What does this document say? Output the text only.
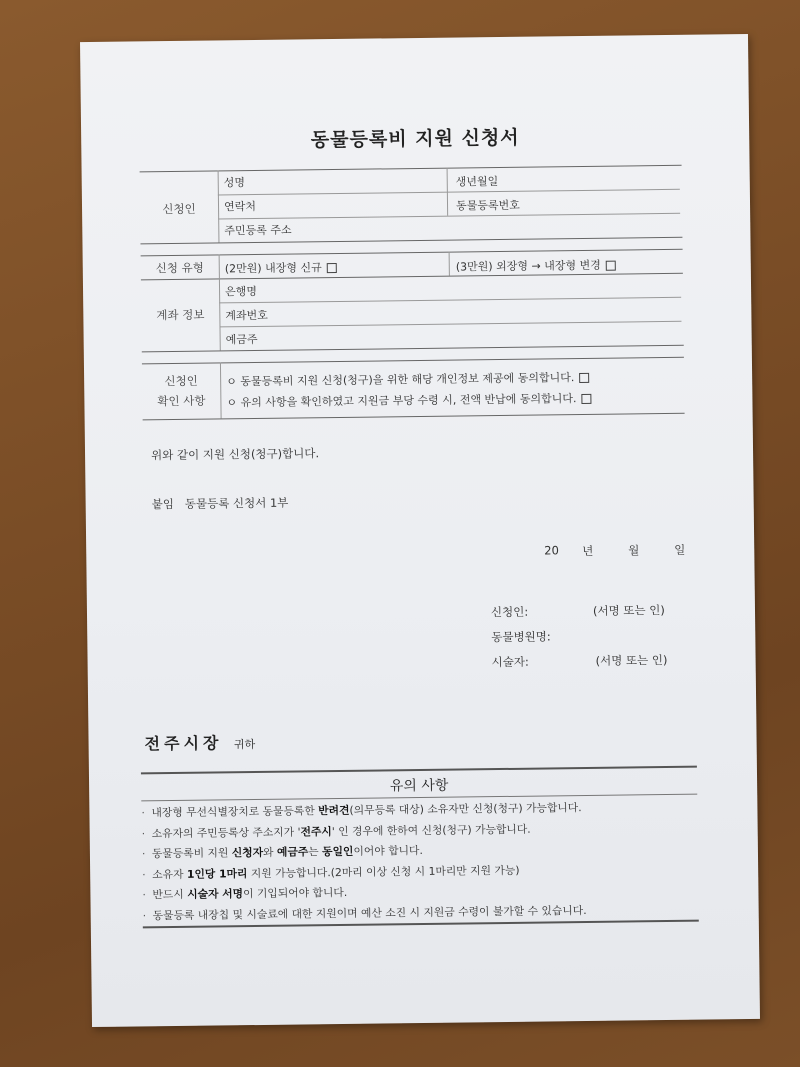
동물등록비 지원 신청서
신청인
성명	생년월일
연락처	동물등록번호
주민등록 주소
신청 유형	(2만원) 내장형 신규	(3만원) 외장형 → 내장형 변경
계좌 정보
은행명
계좌번호
예금주
신청인
확인 사항
ㅇ 동물등록비 지원 신청(청구)을 위한 해당 개인정보 제공에 동의합니다.
ㅇ 유의 사항을 확인하였고 지원금 부당 수령 시, 전액 반납에 동의합니다.
위와 같이 지원 신청(청구)합니다.
붙임   동물등록 신청서 1부
20 년	월	일
신청인:	(서명 또는 인)
동물병원명:
시술자:	(서명 또는 인)
전주시장 귀하
유의 사항
· 내장형 무선식별장치로 동물등록한 반려견(의무등록 대상) 소유자만 신청(청구) 가능합니다.
· 소유자의 주민등록상 주소지가 '전주시' 인 경우에 한하여 신청(청구) 가능합니다.
· 동물등록비 지원 신청자와 예금주는 동일인이어야 합니다.
· 소유자 1인당 1마리 지원 가능합니다.(2마리 이상 신청 시 1마리만 지원 가능)
· 반드시 시술자 서명이 기입되어야 합니다.
· 동물등록 내장칩 및 시술료에 대한 지원이며 예산 소진 시 지원금 수령이 불가할 수 있습니다.
